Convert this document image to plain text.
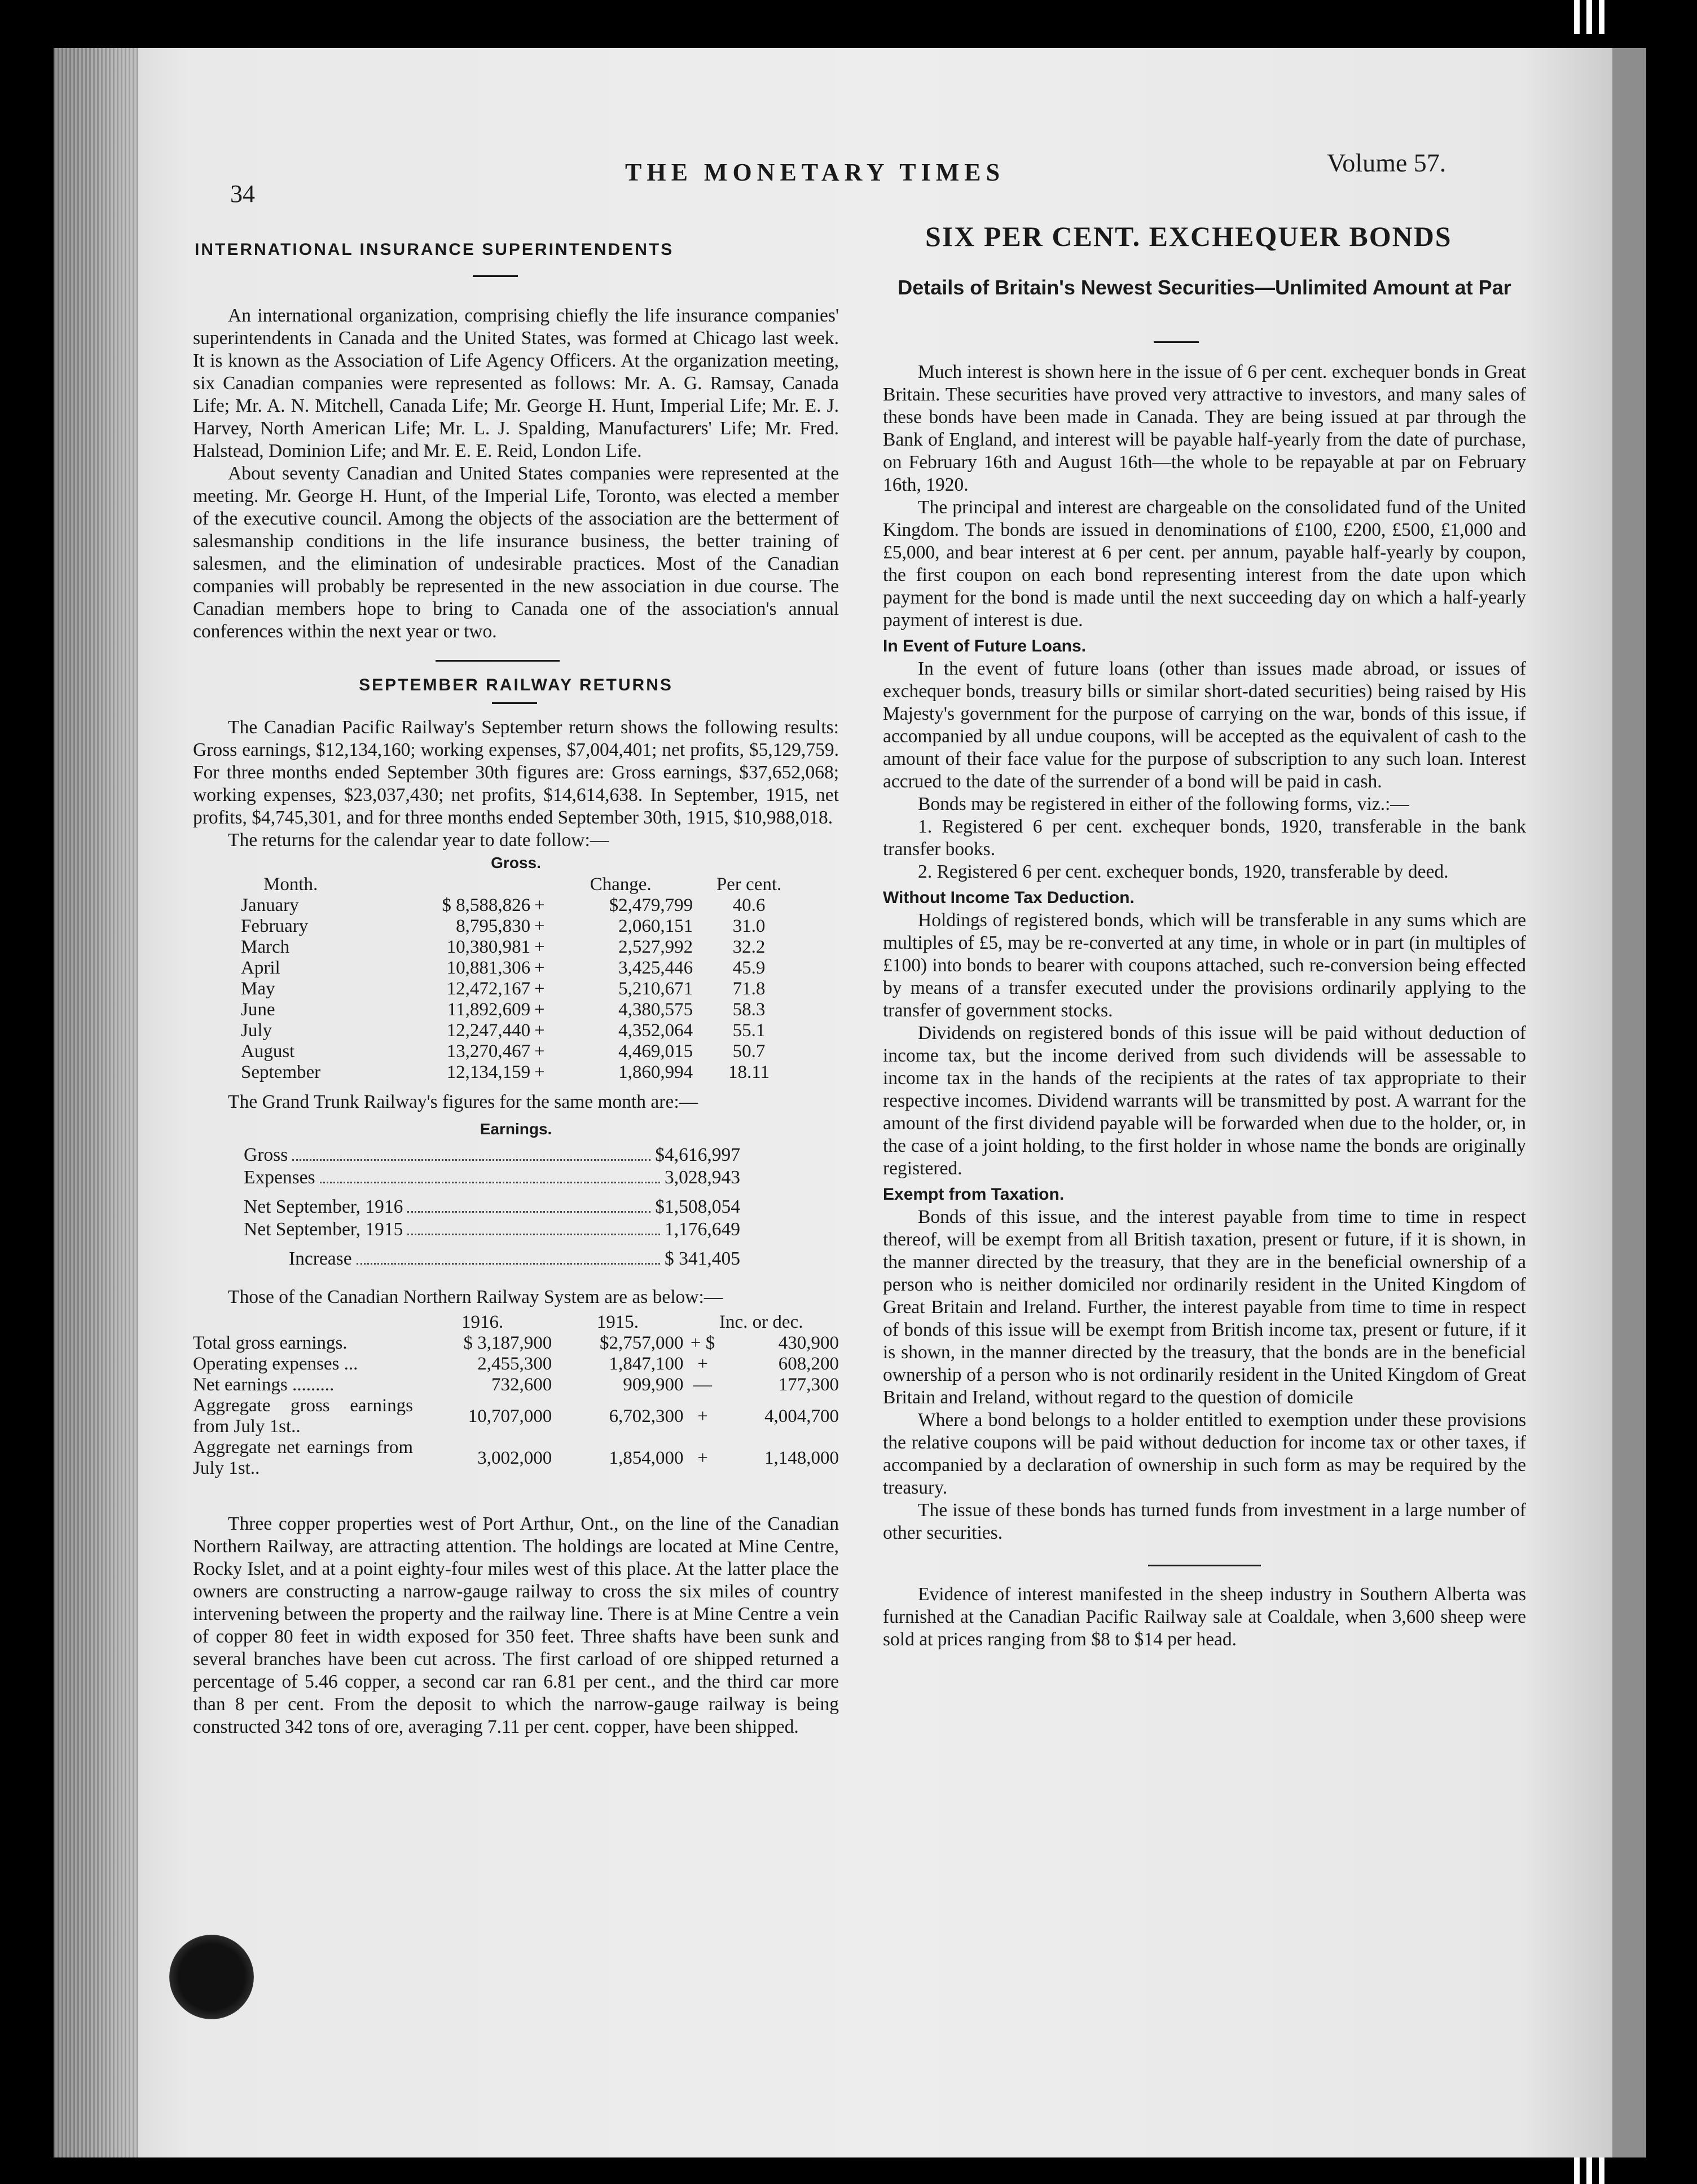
34
THE MONETARY TIMES	Volume 57.
INTERNATIONAL INSURANCE SUPERINTENDENTS

An international organization, comprising chiefly the life insurance companies' superintendents in Canada and the United States, was formed at Chicago last week. It is known as the Association of Life Agency Officers. At the organization meeting, six Canadian companies were represented as follows: Mr. A. G. Ramsay, Canada Life; Mr. A. N. Mitchell, Canada Life; Mr. George H. Hunt, Imperial Life; Mr. E. J. Harvey, North American Life; Mr. L. J. Spalding, Manufacturers' Life; Mr. Fred. Halstead, Dominion Life; and Mr. E. E. Reid, London Life.

About seventy Canadian and United States companies were represented at the meeting. Mr. George H. Hunt, of the Imperial Life, Toronto, was elected a member of the executive council. Among the objects of the association are the betterment of salesmanship conditions in the life insurance business, the better training of salesmen, and the elimination of undesirable practices. Most of the Canadian companies will probably be represented in the new association in due course. The Canadian members hope to bring to Canada one of the association's annual conferences within the next year or two.

SEPTEMBER RAILWAY RETURNS

The Canadian Pacific Railway's September return shows the following results: Gross earnings, $12,134,160; working expenses, $7,004,401; net profits, $5,129,759. For three months ended September 30th figures are: Gross earnings, $37,652,068; working expenses, $23,037,430; net profits, $14,614,638. In September, 1915, net profits, $4,745,301, and for three months ended September 30th, 1915, $10,988,018.

The returns for the calendar year to date follow:—

Gross.
Month.			Change.	Per cent.
January	$ 8,588,826	+	$2,479,799	40.6
February	8,795,830	+	2,060,151	31.0
March	10,380,981	+	2,527,992	32.2
April	10,881,306	+	3,425,446	45.9
May	12,472,167	+	5,210,671	71.8
June	11,892,609	+	4,380,575	58.3
July	12,247,440	+	4,352,064	55.1
August	13,270,467	+	4,469,015	50.7
September	12,134,159	+	1,860,994	18.11

The Grand Trunk Railway's figures for the same month are:—

Earnings.
Gross	$4,616,997
Expenses	3,028,943
Net September, 1916	$1,508,054
Net September, 1915	1,176,649
Increase	$ 341,405

Those of the Canadian Northern Railway System are as below:—

	1916.	1915.	Inc. or dec.	
Total gross earnings.	$ 3,187,900	$2,757,000	+ $	430,900
Operating expenses ...	2,455,300	1,847,100	+	608,200
Net earnings .........	732,600	909,900	—	177,300
Aggregate gross earnings from July 1st..	10,707,000	6,702,300	+	4,004,700
Aggregate net earnings from July 1st..	3,002,000	1,854,000	+	1,148,000

Three copper properties west of Port Arthur, Ont., on the line of the Canadian Northern Railway, are attracting attention. The holdings are located at Mine Centre, Rocky Islet, and at a point eighty-four miles west of this place. At the latter place the owners are constructing a narrow-gauge railway to cross the six miles of country intervening between the property and the railway line. There is at Mine Centre a vein of copper 80 feet in width exposed for 350 feet. Three shafts have been sunk and several branches have been cut across. The first carload of ore shipped returned a percentage of 5.46 copper, a second car ran 6.81 per cent., and the third car more than 8 per cent. From the deposit to which the narrow-gauge railway is being constructed 342 tons of ore, averaging 7.11 per cent. copper, have been shipped.

SIX PER CENT. EXCHEQUER BONDS
Details of Britain's Newest Securities—Unlimited Amount at Par

Much interest is shown here in the issue of 6 per cent. exchequer bonds in Great Britain. These securities have proved very attractive to investors, and many sales of these bonds have been made in Canada. They are being issued at par through the Bank of England, and interest will be payable half-yearly from the date of purchase, on February 16th and August 16th—the whole to be repayable at par on February 16th, 1920.

The principal and interest are chargeable on the consolidated fund of the United Kingdom. The bonds are issued in denominations of £100, £200, £500, £1,000 and £5,000, and bear interest at 6 per cent. per annum, payable half-yearly by coupon, the first coupon on each bond representing interest from the date upon which payment for the bond is made until the next succeeding day on which a half-yearly payment of interest is due.

In Event of Future Loans.

In the event of future loans (other than issues made abroad, or issues of exchequer bonds, treasury bills or similar short-dated securities) being raised by His Majesty's government for the purpose of carrying on the war, bonds of this issue, if accompanied by all undue coupons, will be accepted as the equivalent of cash to the amount of their face value for the purpose of subscription to any such loan. Interest accrued to the date of the surrender of a bond will be paid in cash.

Bonds may be registered in either of the following forms, viz.:—

1. Registered 6 per cent. exchequer bonds, 1920, transferable in the bank transfer books.

2. Registered 6 per cent. exchequer bonds, 1920, transferable by deed.

Without Income Tax Deduction.

Holdings of registered bonds, which will be transferable in any sums which are multiples of £5, may be re-converted at any time, in whole or in part (in multiples of £100) into bonds to bearer with coupons attached, such re-conversion being effected by means of a transfer executed under the provisions ordinarily applying to the transfer of government stocks.

Dividends on registered bonds of this issue will be paid without deduction of income tax, but the income derived from such dividends will be assessable to income tax in the hands of the recipients at the rates of tax appropriate to their respective incomes. Dividend warrants will be transmitted by post. A warrant for the amount of the first dividend payable will be forwarded when due to the holder, or, in the case of a joint holding, to the first holder in whose name the bonds are originally registered.

Exempt from Taxation.

Bonds of this issue, and the interest payable from time to time in respect thereof, will be exempt from all British taxation, present or future, if it is shown, in the manner directed by the treasury, that they are in the beneficial ownership of a person who is neither domiciled nor ordinarily resident in the United Kingdom of Great Britain and Ireland. Further, the interest payable from time to time in respect of bonds of this issue will be exempt from British income tax, present or future, if it is shown, in the manner directed by the treasury, that the bonds are in the beneficial ownership of a person who is not ordinarily resident in the United Kingdom of Great Britain and Ireland, without regard to the question of domicile

Where a bond belongs to a holder entitled to exemption under these provisions the relative coupons will be paid without deduction for income tax or other taxes, if accompanied by a declaration of ownership in such form as may be required by the treasury.

The issue of these bonds has turned funds from investment in a large number of other securities.

Evidence of interest manifested in the sheep industry in Southern Alberta was furnished at the Canadian Pacific Railway sale at Coaldale, when 3,600 sheep were sold at prices ranging from $8 to $14 per head.
